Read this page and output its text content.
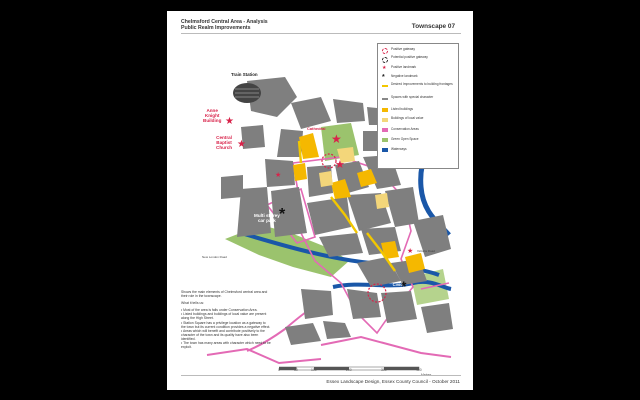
Chelmsford Central Area - Analysis
Public Realm Improvements	Townscape 07
★
★	★
★
★
★
*
*
Train Station
Anne
Knight
Building
Central
Baptist
Church
Cathedral
Multi storey
car park
Civic
Centre
New London Road
Victoria Road
Positive gateway
Potential positive gateway
★	Positive landmark
*	Negative landmark
Desired Improvements to building frontages
Spaces with special character
Listed buildings
Buildings of local value
Conservation Areas
Green Open Space
Waterways

Shows the main elements of Chelmsford central area and their role in the townscape.

What it tells us:

• Most of the area is falls under Conservation Area.
• Listed buildings and buildings of local value are present along the High Street.
• Station Square has a privilege location as a gateway to the town but its current condition provides a negative effect.
• Areas which will benefit and contribute positively to the character of the town and its quality have also been identified.
• The town has many areas with character which need to be exploit.
0	50	100	200	300	400
Essex Landscape Design, Essex County Council - October 2011
